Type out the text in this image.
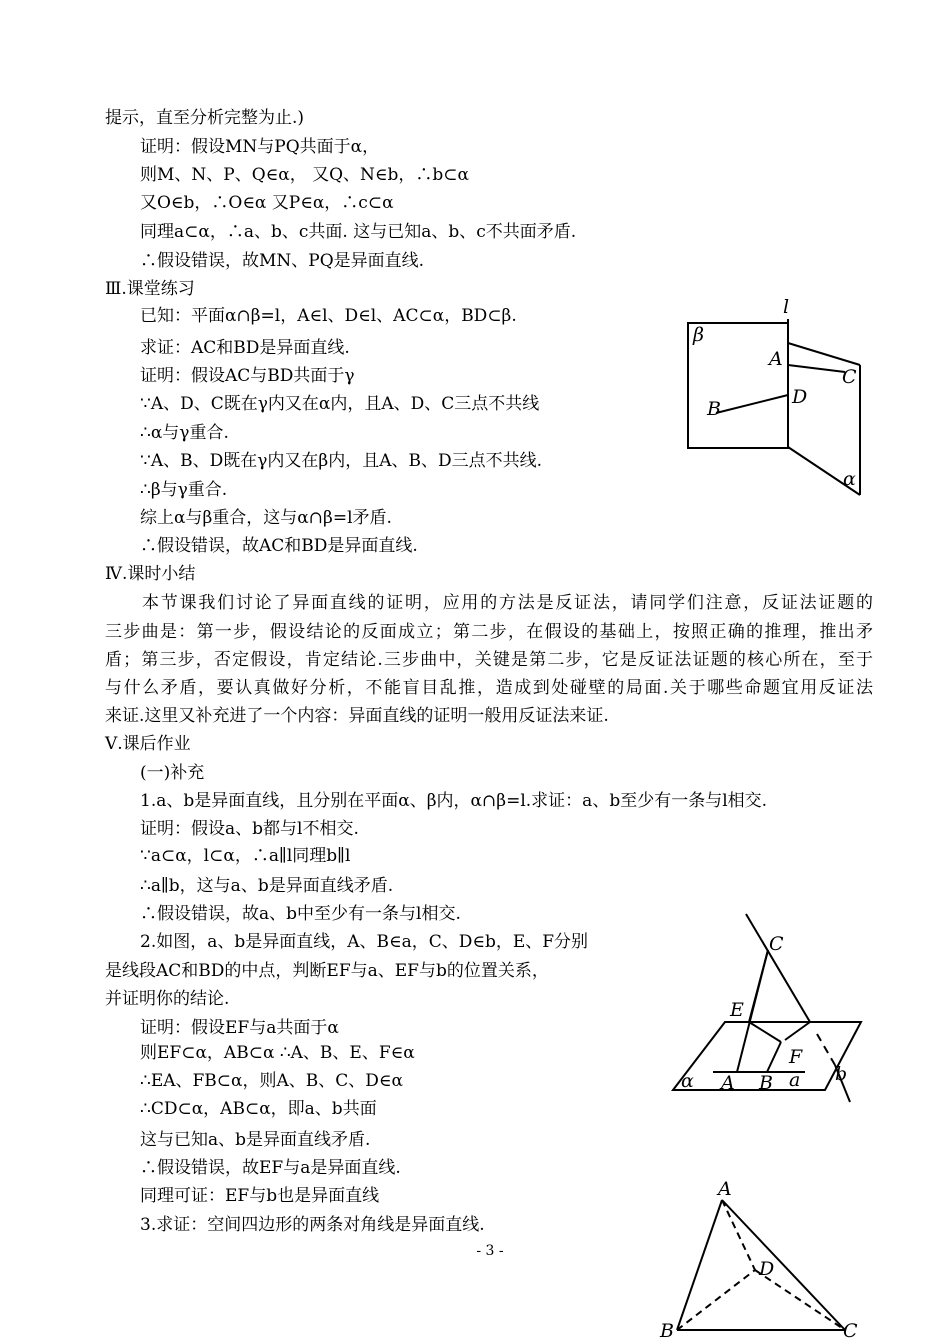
提示，直至分析完整为止.)
证明：假设MN与PQ共面于α，
则M、N、P、Q∈α， 又Q、N∈b，∴b⊂α
又O∈b，∴O∈α 又P∈α，∴c⊂α
同理a⊂α，∴a、b、c共面. 这与已知a、b、c不共面矛盾.
∴假设错误，故MN、PQ是异面直线.
Ⅲ.课堂练习
已知：平面α∩β=l，A∈l、D∈l、AC⊂α，BD⊂β.
求证：AC和BD是异面直线.
证明：假设AC与BD共面于γ
∵A、D、C既在γ内又在α内，且A、D、C三点不共线
∴α与γ重合.
∵A、B、D既在γ内又在β内，且A、B、D三点不共线.
∴β与γ重合.
综上α与β重合，这与α∩β=l矛盾.
∴假设错误，故AC和BD是异面直线.
Ⅳ.课时小结
本节课我们讨论了异面直线的证明，应用的方法是反证法，请同学们注意，反证法证题的
三步曲是：第一步，假设结论的反面成立；第二步，在假设的基础上，按照正确的推理，推出矛
盾；第三步，否定假设，肯定结论.三步曲中，关键是第二步，它是反证法证题的核心所在，至于
与什么矛盾，要认真做好分析，不能盲目乱推，造成到处碰壁的局面.关于哪些命题宜用反证法
来证.这里又补充进了一个内容：异面直线的证明一般用反证法来证.
Ⅴ.课后作业
(一)补充
1.a、b是异面直线，且分别在平面α、β内，α∩β=l.求证：a、b至少有一条与l相交.
证明：假设a、b都与l不相交.
∵a⊂α，l⊂α，∴a∥l同理b∥l
∴a∥b，这与a、b是异面直线矛盾.
∴假设错误，故a、b中至少有一条与l相交.
2.如图，a、b是异面直线，A、B∈a，C、D∈b，E、F分别
是线段AC和BD的中点，判断EF与a、EF与b的位置关系，
并证明你的结论.
证明：假设EF与a共面于α
则EF⊂α，AB⊂α ∴A、B、E、F∈α
∴EA、FB⊂α，则A、B、C、D∈α
∴CD⊂α，AB⊂α，即a、b共面
这与已知a、b是异面直线矛盾.
∴假设错误，故EF与a是异面直线.
同理可证：EF与b也是异面直线
3.求证：空间四边形的两条对角线是异面直线.
- 3 -
l
β
A
C
D
B
α
C
E
F
α A B a b
A
D
B	C
